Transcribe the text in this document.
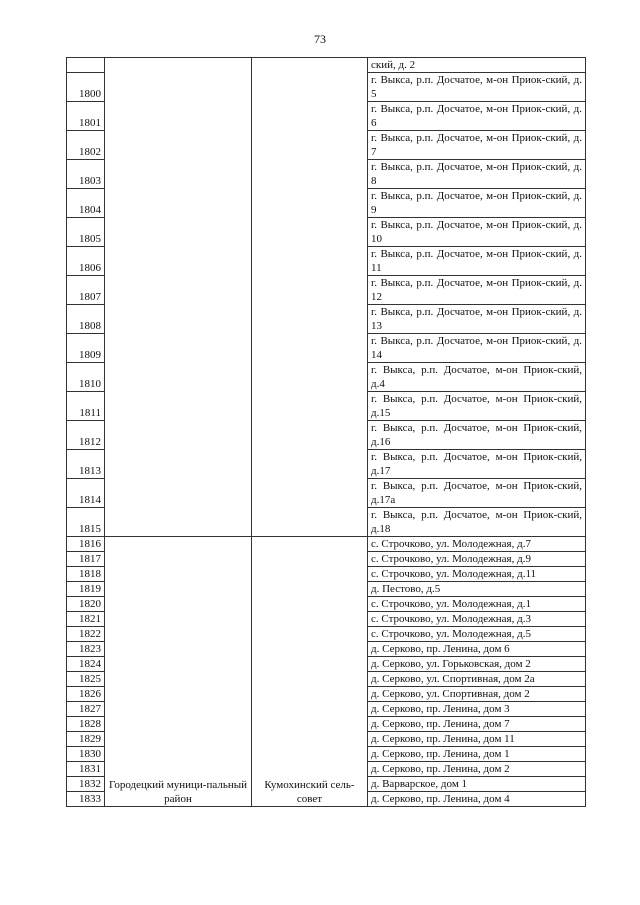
73
			ский, д. 2
1800			г. Выкса, р.п. Досчатое, м-он Приок-ский, д. 5
1801			г. Выкса, р.п. Досчатое, м-он Приок-ский, д. 6
1802			г. Выкса, р.п. Досчатое, м-он Приок-ский, д. 7
1803			г. Выкса, р.п. Досчатое, м-он Приок-ский, д. 8
1804			г. Выкса, р.п. Досчатое, м-он Приок-ский, д. 9
1805			г. Выкса, р.п. Досчатое, м-он Приок-ский, д. 10
1806			г. Выкса, р.п. Досчатое, м-он Приок-ский, д. 11
1807			г. Выкса, р.п. Досчатое, м-он Приок-ский, д. 12
1808			г. Выкса, р.п. Досчатое, м-он Приок-ский, д. 13
1809			г. Выкса, р.п. Досчатое, м-он Приок-ский, д. 14
1810			г. Выкса, р.п. Досчатое, м-он Приок-ский, д.4
1811			г. Выкса, р.п. Досчатое, м-он Приок-ский, д.15
1812			г. Выкса, р.п. Досчатое, м-он Приок-ский, д.16
1813			г. Выкса, р.п. Досчатое, м-он Приок-ский, д.17
1814			г. Выкса, р.п. Досчатое, м-он Приок-ский, д.17а
1815			г. Выкса, р.п. Досчатое, м-он Приок-ский, д.18
1816	Городецкий муници-пальный район	Кумохинский сель-совет	с. Строчково, ул. Молодежная, д.7
1817			с. Строчково, ул. Молодежная, д.9
1818			с. Строчково, ул. Молодежная, д.11
1819			д. Пестово, д.5
1820			с. Строчково, ул. Молодежная, д.1
1821			с. Строчково, ул. Молодежная, д.3
1822			с. Строчково, ул. Молодежная, д.5
1823			д. Серково, пр. Ленина, дом 6
1824			д. Серково, ул. Горьковская, дом 2
1825			д. Серково, ул. Спортивная, дом 2а
1826			д. Серково, ул. Спортивная, дом 2
1827			д. Серково, пр. Ленина, дом 3
1828			д. Серково, пр. Ленина, дом 7
1829			д. Серково, пр. Ленина, дом 11
1830			д. Серково, пр. Ленина, дом 1
1831			д. Серково, пр. Ленина, дом 2
1832			д. Варварское, дом 1
1833			д. Серково, пр. Ленина, дом 4
